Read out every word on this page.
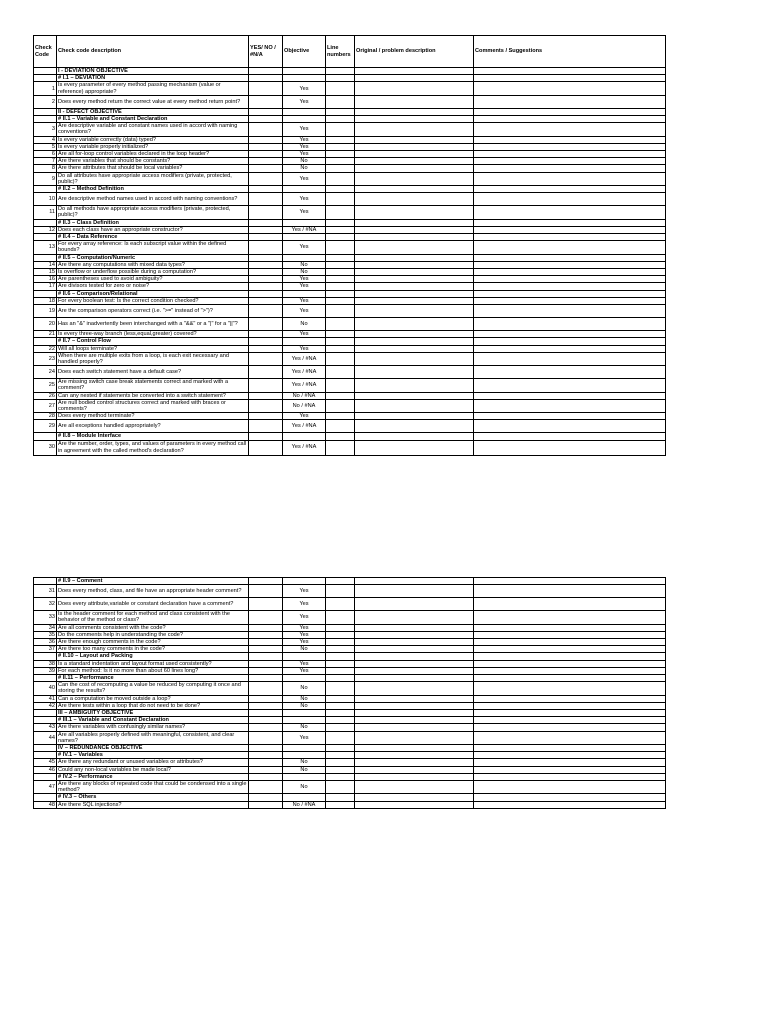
Check Code	Check code description	YES/ NO / #N/A	Objective	Line numbers	Original / problem description	Comments / Suggestions
	I - DEVIATION OBJECTIVE					
	# I.1 – DEVIATION					
1	Is every parameter of every method passing mechanism (value or reference) appropriate?		Yes			
2	Does every method return the correct value at every method return point?		Yes			
	II - DEFECT OBJECTIVE					
	# II.1 – Variable and Constant Declaration					
3	Are descriptive variable and constant names used in accord with naming conventions?		Yes			
4	Is every variable correctly (data) typed?		Yes			
5	Is every variable properly initialized?		Yes			
6	Are all for-loop control variables declared in the loop header?		Yes			
7	Are there variables that should be constants?		No			
8	Are there attributes that should be local variables?		No			
9	Do all attributes have appropriate access modifiers (private, protected, public)?		Yes			
	# II.2 – Method Definition					
10	Are descriptive method names used in accord with naming conventions?		Yes			
11	Do all methods have appropriate access modifiers (private, protected, public)?		Yes			
	# II.3 – Class Definition					
12	Does each class have an appropriate constructor?		Yes / #NA			
	# II.4 – Data Reference					
13	For every array reference: Is each subscript value within the defined bounds?		Yes			
	# II.5 – Computation/Numeric					
14	Are there any computations with mixed data types?		No			
15	Is overflow or underflow possible during a computation?		No			
16	Are parentheses used to avoid ambiguity?		Yes			
17	Are divisors tested for zero or noise?		Yes			
	# II.6 – Comparison/Relational					
18	For every boolean test: Is the correct condition checked?		Yes			
19	Are the comparison operators correct (i.e. ">=" instead of ">")?		Yes			
20	Has an "&" inadvertently been interchanged with a "&&" or a "|" for a "||"?		No			
21	Is every three-way branch (less,equal,greater) covered?		Yes			
	# II.7 – Control Flow					
22	Will all loops terminate?		Yes			
23	When there are multiple exits from a loop, is each exit necessary and handled properly?		Yes / #NA			
24	Does each switch statement have a default case?		Yes / #NA			
25	Are missing switch case break statements correct and marked with a comment?		Yes / #NA			
26	Can any nested if statements be converted into a switch statement?		No / #NA			
27	Are null bodied control structures correct and marked with braces or comments?		No / #NA			
28	Does every method terminate?		Yes			
29	Are all exceptions handled appropriately?		Yes / #NA			
	# II.8 – Module Interface					
30	Are the number, order, types, and values of parameters in every method call in agreement with the called method's declaration?		Yes / #NA			
	# II.9 – Comment					
31	Does every method, class, and file have an appropriate header comment?		Yes			
32	Does every attribute,variable or constant declaration have a comment?		Yes			
33	Is the header comment for each method and class consistent with the behavior of the method or class?		Yes			
34	Are all comments consistent with the code?		Yes			
35	Do the comments help in understanding the code?		Yes			
36	Are there enough comments in the code?		Yes			
37	Are there too many comments in the code?		No			
	# II.10 – Layout and Packing					
38	Is a standard indentation and layout format used consistently?		Yes			
39	For each method: Is it no more than about 60 lines long?		Yes			
	# II.11 – Performance					
40	Can the cost of recomputing a value be reduced by computing it once and storing the results?		No			
41	Can a computation be moved outside a loop?		No			
42	Are there tests within a loop that do not need to be done?		No			
	III – AMBIGUITY OBJECTIVE					
	# III.1 – Variable and Constant Declaration					
43	Are there variables with confusingly similar names?		No			
44	Are all variables properly defined with meaningful, consistent, and clear names?		Yes			
	IV – REDUNDANCE OBJECTIVE					
	# IV.1 – Variables					
45	Are there any redundant or unused variables or attributes?		No			
46	Could any non-local variables be made local?		No			
	# IV.2 – Performance					
47	Are there any blocks of repeated code that could be condensed into a single method?		No			
	# IV.3 – Others					
48	Are there SQL injections?		No / #NA			
